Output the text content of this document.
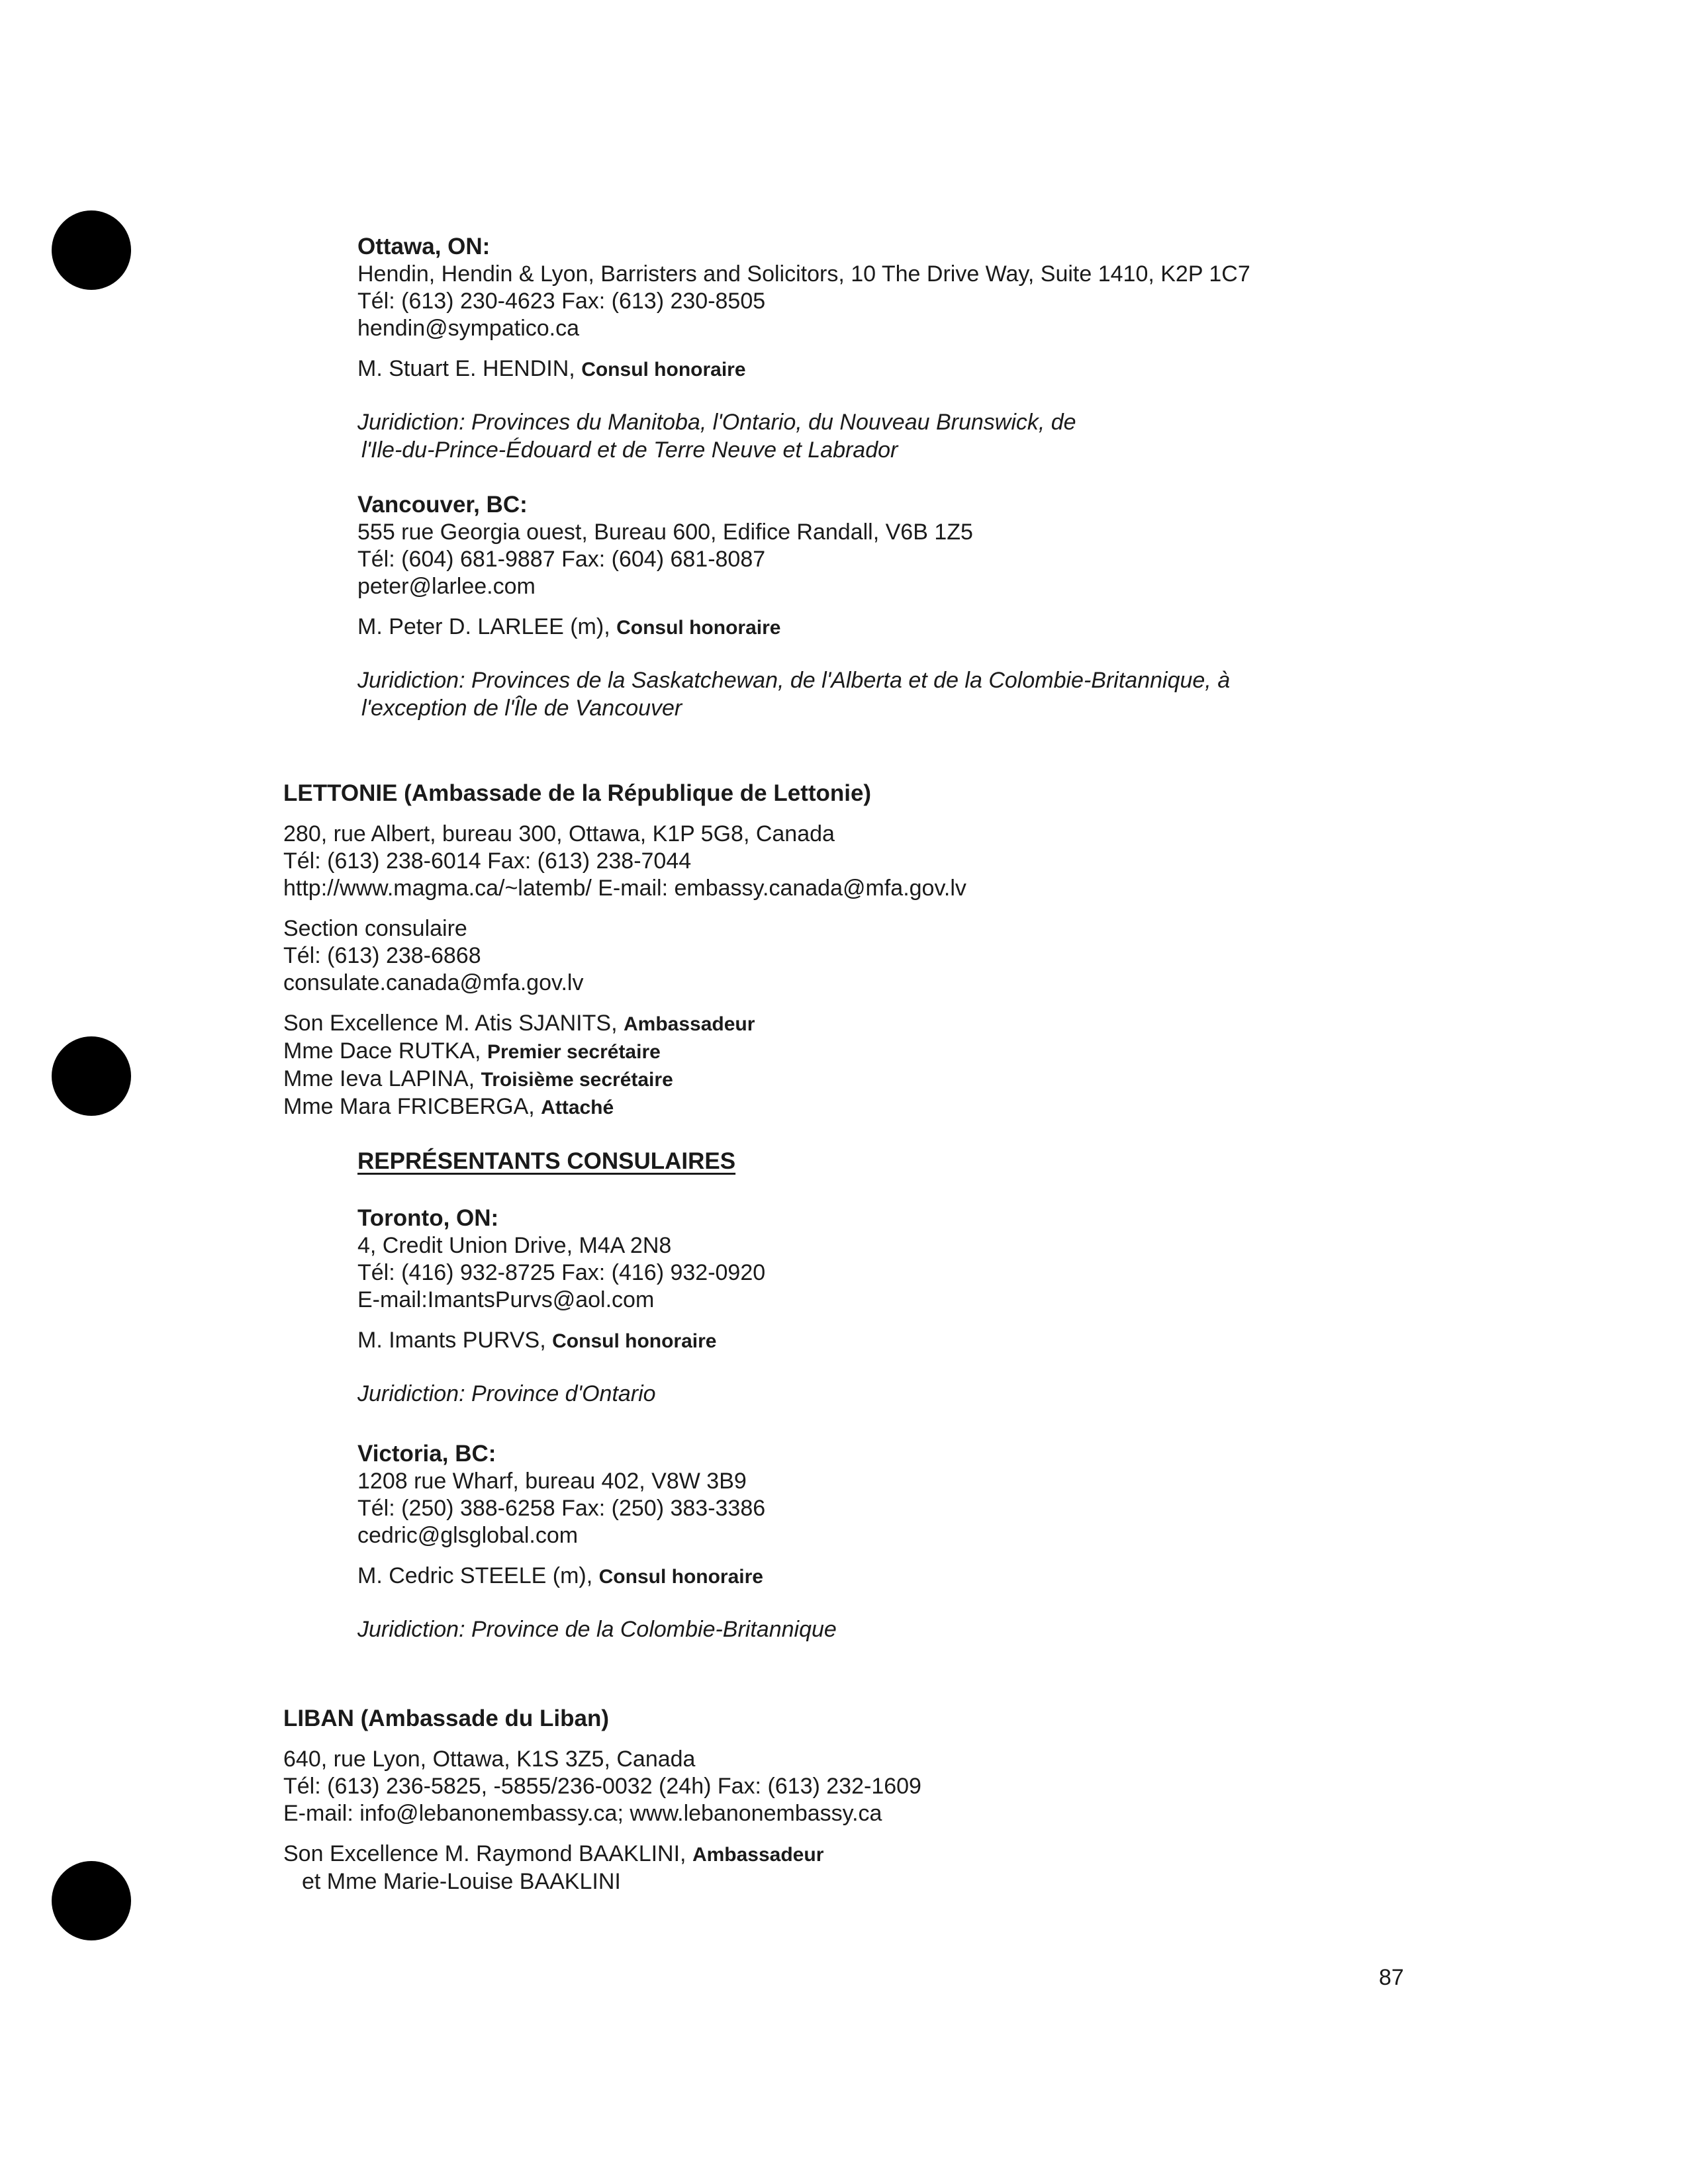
Ottawa, ON:
Hendin, Hendin & Lyon, Barristers and Solicitors, 10 The Drive Way, Suite 1410, K2P 1C7
Tél: (613) 230-4623 Fax: (613) 230-8505
hendin@sympatico.ca
M. Stuart E. HENDIN, Consul honoraire
Juridiction: Provinces du Manitoba, l'Ontario, du Nouveau Brunswick, de
l'Ile-du-Prince-Édouard et de Terre Neuve et Labrador
Vancouver, BC:
555 rue Georgia ouest, Bureau 600, Edifice Randall, V6B 1Z5
Tél: (604) 681-9887 Fax: (604) 681-8087
peter@larlee.com
M. Peter D. LARLEE (m), Consul honoraire
Juridiction: Provinces de la Saskatchewan, de l'Alberta et de la Colombie-Britannique, à
l'exception de l'Île de Vancouver
LETTONIE (Ambassade de la République de Lettonie)
280, rue Albert, bureau 300, Ottawa, K1P 5G8, Canada
Tél: (613) 238-6014 Fax: (613) 238-7044
http://www.magma.ca/~latemb/ E-mail: embassy.canada@mfa.gov.lv
Section consulaire
Tél: (613) 238-6868
consulate.canada@mfa.gov.lv
Son Excellence M. Atis SJANITS, Ambassadeur
Mme Dace RUTKA, Premier secrétaire
Mme Ieva LAPINA, Troisième secrétaire
Mme Mara FRICBERGA, Attaché
REPRÉSENTANTS CONSULAIRES
Toronto, ON:
4, Credit Union Drive, M4A 2N8
Tél: (416) 932-8725 Fax: (416) 932-0920
E-mail:ImantsPurvs@aol.com
M. Imants PURVS, Consul honoraire
Juridiction: Province d'Ontario
Victoria, BC:
1208 rue Wharf, bureau 402, V8W 3B9
Tél: (250) 388-6258 Fax: (250) 383-3386
cedric@glsglobal.com
M. Cedric STEELE (m), Consul honoraire
Juridiction: Province de la Colombie-Britannique
LIBAN (Ambassade du Liban)
640, rue Lyon, Ottawa, K1S 3Z5, Canada
Tél: (613) 236-5825, -5855/236-0032 (24h) Fax: (613) 232-1609
E-mail: info@lebanonembassy.ca; www.lebanonembassy.ca
Son Excellence M. Raymond BAAKLINI, Ambassadeur
et Mme Marie-Louise BAAKLINI
87
